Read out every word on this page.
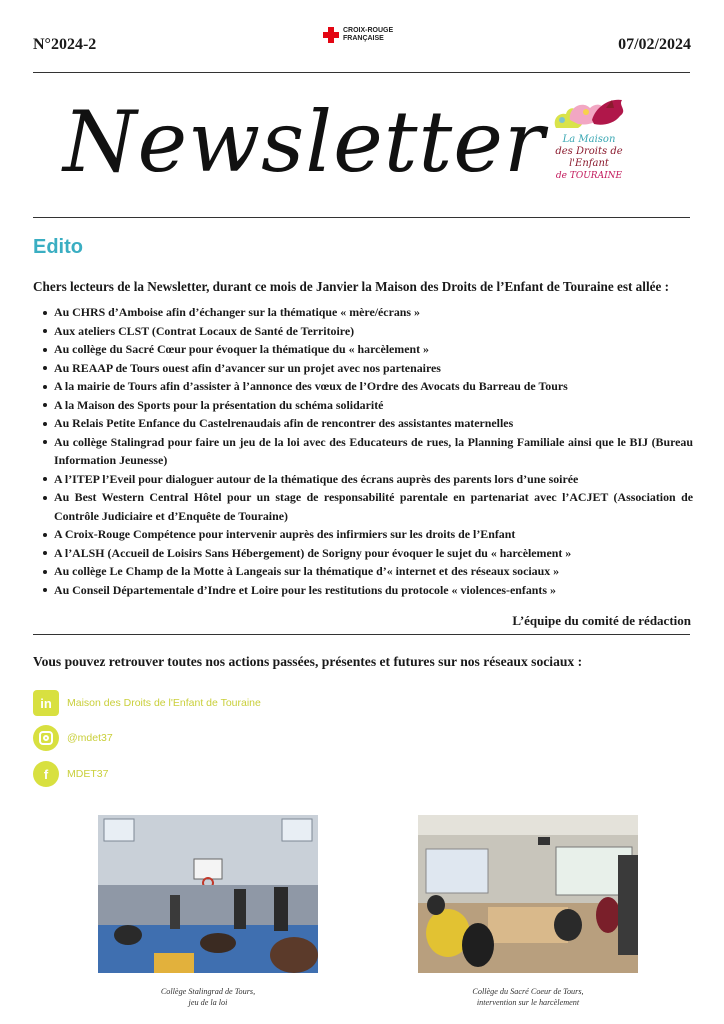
N°2024-2
CROIX-ROUGE
FRANÇAISE	07/02/2024
Newsletter	La Maison
des Droits de l'Enfant
de TOURAINE
Edito
Chers lecteurs de la Newsletter, durant ce mois de Janvier la Maison des Droits de l’Enfant de Touraine est allée :
Au CHRS d’Amboise afin d’échanger sur la thématique « mère/écrans »
Aux ateliers CLST (Contrat Locaux de Santé de Territoire)
Au collège du Sacré Cœur pour évoquer la thématique du « harcèlement »
Au REAAP de Tours ouest afin d’avancer sur un projet avec nos partenaires
A la mairie de Tours afin d’assister à l’annonce des vœux de l’Ordre des Avocats du Barreau de Tours
A la Maison des Sports pour la présentation du schéma solidarité
Au Relais Petite Enfance du Castelrenaudais afin de rencontrer des assistantes maternelles
Au collège Stalingrad pour faire un jeu de la loi avec des Educateurs de rues, la Planning Familiale ainsi que le BIJ (Bureau Information Jeunesse)
A l’ITEP l’Eveil pour dialoguer autour de la thématique des écrans auprès des parents lors d’une soirée
Au Best Western Central Hôtel pour un stage de responsabilité parentale en partenariat avec l’ACJET (Association de Contrôle Judiciaire et d’Enquête de Touraine)
A Croix-Rouge Compétence pour intervenir auprès des infirmiers sur les droits de l’Enfant
A l’ALSH (Accueil de Loisirs Sans Hébergement) de Sorigny pour évoquer le sujet du « harcèlement »
Au collège Le Champ de la Motte à Langeais sur la thématique d’« internet et des réseaux sociaux »
Au Conseil Départementale d’Indre et Loire pour les restitutions du protocole « violences-enfants »
L’équipe du comité de rédaction
Vous pouvez retrouver toutes nos actions passées, présentes et futures sur nos réseaux sociaux :
in	Maison des Droits de l'Enfant de Touraine
@mdet37
f	MDET37
Collège Stalingrad de Tours,
jeu de la loi
Collège du Sacré Coeur de Tours,
intervention sur le harcèlement
